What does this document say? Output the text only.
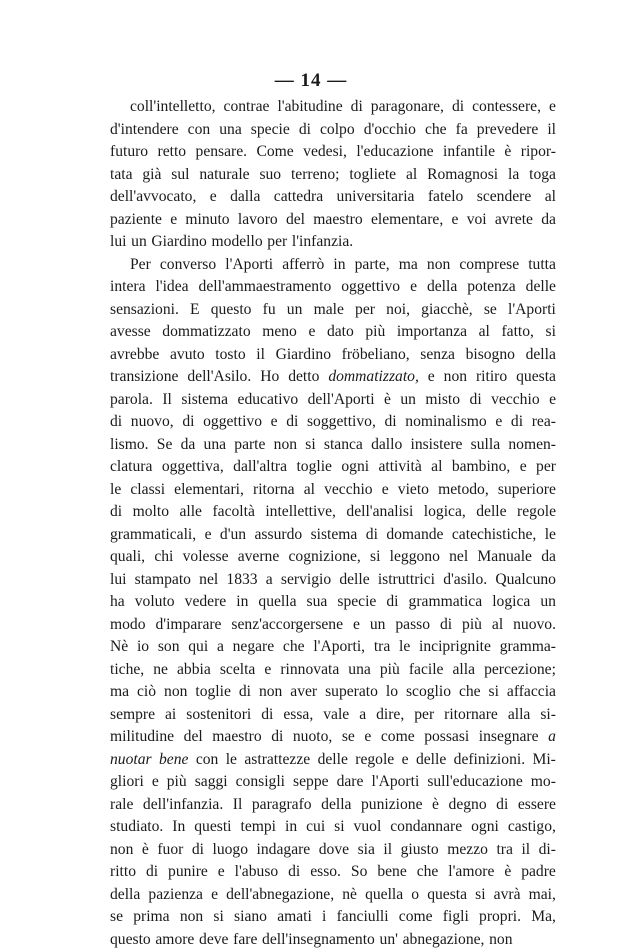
— 14 —
coll'intelletto, contrae l'abitudine di paragonare, di contessere, e
d'intendere con una specie di colpo d'occhio che fa prevedere il
futuro retto pensare. Come vedesi, l'educazione infantile è ripor-
tata già sul naturale suo terreno; togliete al Romagnosi la toga
dell'avvocato, e dalla cattedra universitaria fatelo scendere al
paziente e minuto lavoro del maestro elementare, e voi avrete da
lui un Giardino modello per l'infanzia.
Per converso l'Aporti afferrò in parte, ma non comprese tutta
intera l'idea dell'ammaestramento oggettivo e della potenza delle
sensazioni. E questo fu un male per noi, giacchè, se l'Aporti
avesse dommatizzato meno e dato più importanza al fatto, si
avrebbe avuto tosto il Giardino fröbeliano, senza bisogno della
transizione dell'Asilo. Ho detto dommatizzato, e non ritiro questa
parola. Il sistema educativo dell'Aporti è un misto di vecchio e
di nuovo, di oggettivo e di soggettivo, di nominalismo e di rea-
lismo. Se da una parte non si stanca dallo insistere sulla nomen-
clatura oggettiva, dall'altra toglie ogni attività al bambino, e per
le classi elementari, ritorna al vecchio e vieto metodo, superiore
di molto alle facoltà intellettive, dell'analisi logica, delle regole
grammaticali, e d'un assurdo sistema di domande catechistiche, le
quali, chi volesse averne cognizione, si leggono nel Manuale da
lui stampato nel 1833 a servigio delle istruttrici d'asilo. Qualcuno
ha voluto vedere in quella sua specie di grammatica logica un
modo d'imparare senz'accorgersene e un passo di più al nuovo.
Nè io son qui a negare che l'Aporti, tra le inciprignite gramma-
tiche, ne abbia scelta e rinnovata una più facile alla percezione;
ma ciò non toglie di non aver superato lo scoglio che si affaccia
sempre ai sostenitori di essa, vale a dire, per ritornare alla si-
militudine del maestro di nuoto, se e come possasi insegnare a
nuotar bene con le astrattezze delle regole e delle definizioni. Mi-
gliori e più saggi consigli seppe dare l'Aporti sull'educazione mo-
rale dell'infanzia. Il paragrafo della punizione è degno di essere
studiato. In questi tempi in cui si vuol condannare ogni castigo,
non è fuor di luogo indagare dove sia il giusto mezzo tra il di-
ritto di punire e l'abuso di esso. So bene che l'amore è padre
della pazienza e dell'abnegazione, nè quella o questa si avrà mai,
se prima non si siano amati i fanciulli come figli propri. Ma,
questo amore deve fare dell'insegnamento un' abnegazione, non
